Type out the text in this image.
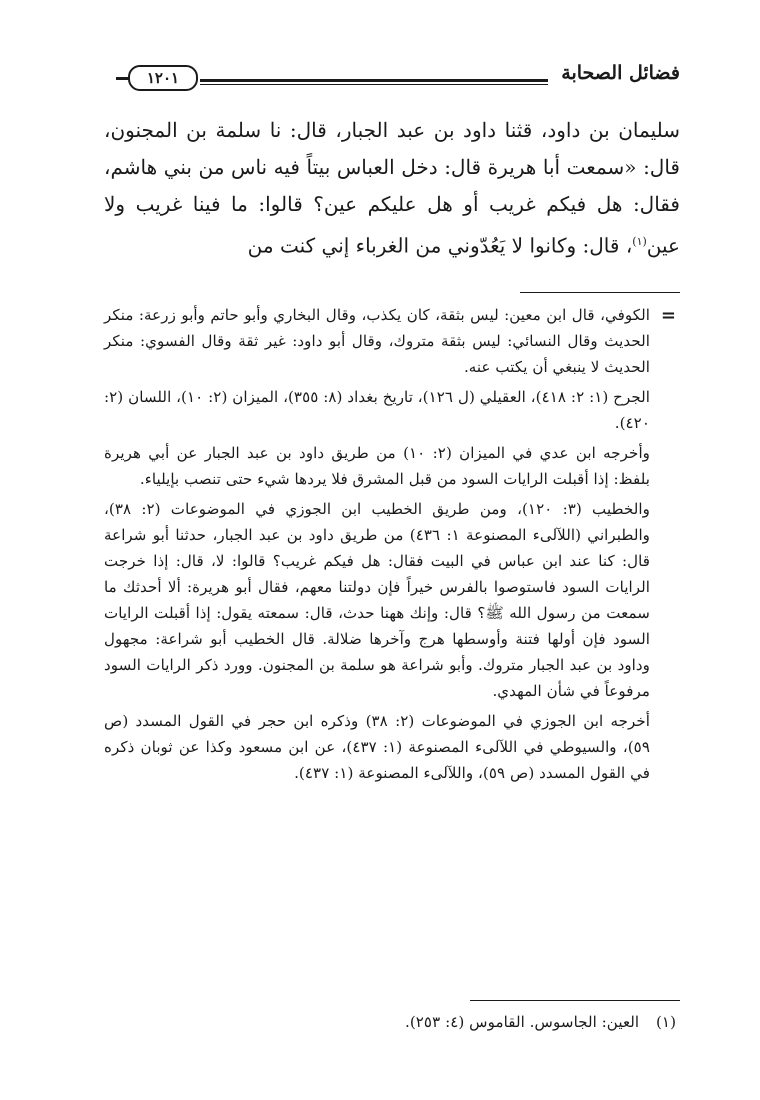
فضائل الصحابة
١٢٠١

سليمان بن داود، قثنا داود بن عبد الجبار، قال: نا سلمة بن المجنون، قال: «سمعت أبا هريرة قال: دخل العباس بيتاً فيه ناس من بني هاشم، فقال: هل فيكم غريب أو هل عليكم عين؟ قالوا: ما فينا غريب ولا عين$^{(١)}$، قال: وكانوا لا يَعُدّوني من الغرباء إني كنت من

=

الكوفي، قال ابن معين: ليس بثقة، كان يكذب، وقال البخاري وأبو حاتم وأبو زرعة: منكر الحديث وقال النسائي: ليس بثقة متروك، وقال أبو داود: غير ثقة وقال الفسوي: منكر الحديث لا ينبغي أن يكتب عنه.

الجرح (١: ٢: ٤١٨)، العقيلي (ل ١٢٦)، تاريخ بغداد (٨: ٣٥٥)، الميزان (٢: ١٠)، اللسان (٢: ٤٢٠).

وأخرجه ابن عدي في الميزان (٢: ١٠) من طريق داود بن عبد الجبار عن أبي هريرة بلفظ: إذا أقبلت الرايات السود من قبل المشرق فلا يردها شيء حتى تنصب بإيلياء.

والخطيب (٣: ١٢٠)، ومن طريق الخطيب ابن الجوزي في الموضوعات (٢: ٣٨)، والطبراني (اللآلىء المصنوعة ١: ٤٣٦) من طريق داود بن عبد الجبار، حدثنا أبو شراعة قال: كنا عند ابن عباس في البيت فقال: هل فيكم غريب؟ قالوا: لا، قال: إذا خرجت الرايات السود فاستوصوا بالفرس خيراً فإن دولتنا معهم، فقال أبو هريرة: ألا أحدثك ما سمعت من رسول الله ﷺ؟ قال: وإنك ههنا حدث، قال: سمعته يقول: إذا أقبلت الرايات السود فإن أولها فتنة وأوسطها هرج وآخرها ضلالة. قال الخطيب أبو شراعة: مجهول وداود بن عبد الجبار متروك. وأبو شراعة هو سلمة بن المجنون. وورد ذكر الرايات السود مرفوعاً في شأن المهدي.

أخرجه ابن الجوزي في الموضوعات (٢: ٣٨) وذكره ابن حجر في القول المسدد (ص ٥٩)، والسيوطي في اللآلىء المصنوعة (١: ٤٣٧)، عن ابن مسعود وكذا عن ثوبان ذكره في القول المسدد (ص ٥٩)، واللآلىء المصنوعة (١: ٤٣٧).

(١) العين: الجاسوس. القاموس (٤: ٢٥٣).
